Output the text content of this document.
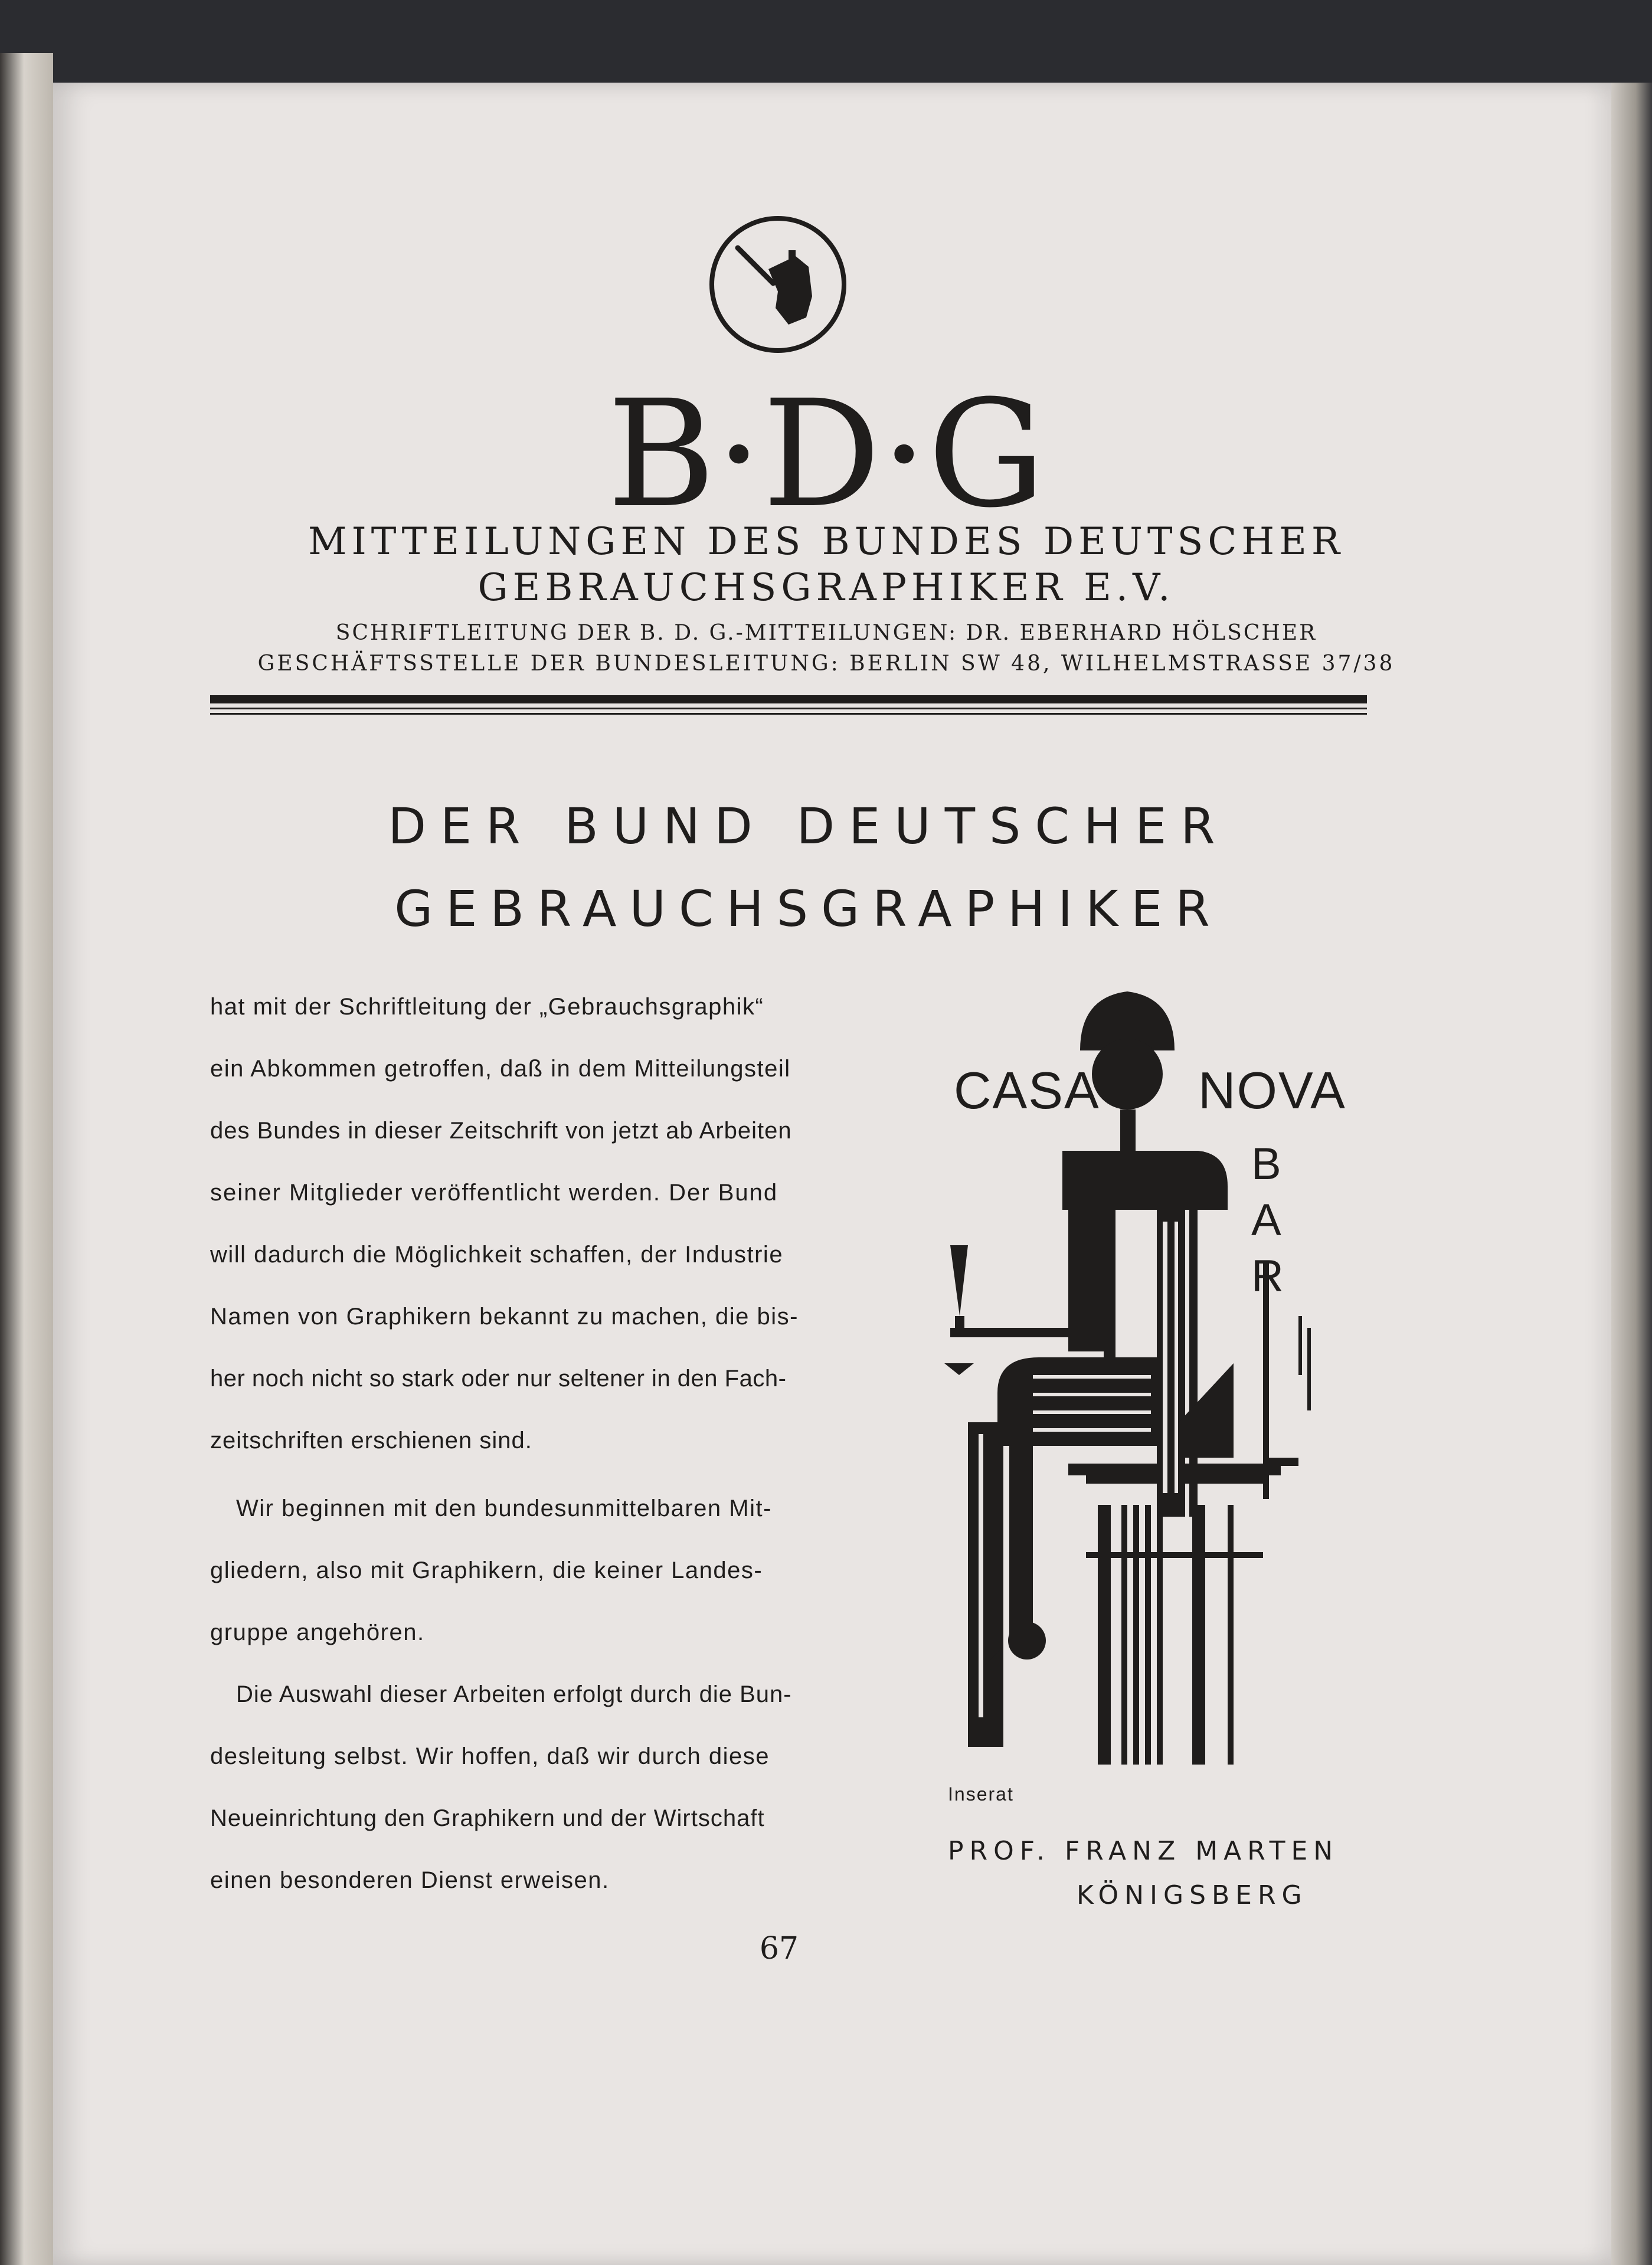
B·D·G
MITTEILUNGEN DES BUNDES DEUTSCHER
GEBRAUCHSGRAPHIKER E.V.
SCHRIFTLEITUNG DER B. D. G.-MITTEILUNGEN: DR. EBERHARD HÖLSCHER
GESCHÄFTSSTELLE DER BUNDESLEITUNG: BERLIN SW 48, WILHELMSTRASSE 37/38
DER BUND DEUTSCHER
GEBRAUCHSGRAPHIKER
hat mit der Schriftleitung der „Gebrauchsgraphik“
ein Abkommen getroffen, daß in dem Mitteilungsteil
des Bundes in dieser Zeitschrift von jetzt ab Arbeiten
seiner Mitglieder veröffentlicht werden. Der Bund
will dadurch die Möglichkeit schaffen, der Industrie
Namen von Graphikern bekannt zu machen, die bis-
her noch nicht so stark oder nur seltener in den Fach-
zeitschriften erschienen sind.
Wir beginnen mit den bundesunmittelbaren Mit-
gliedern, also mit Graphikern, die keiner Landes-
gruppe angehören.
Die Auswahl dieser Arbeiten erfolgt durch die Bun-
desleitung selbst. Wir hoffen, daß wir durch diese
Neueinrichtung den Graphikern und der Wirtschaft
einen besonderen Dienst erweisen.
CASA NOVA
B
A
R
Inserat
PROF. FRANZ MARTEN
KÖNIGSBERG
67
